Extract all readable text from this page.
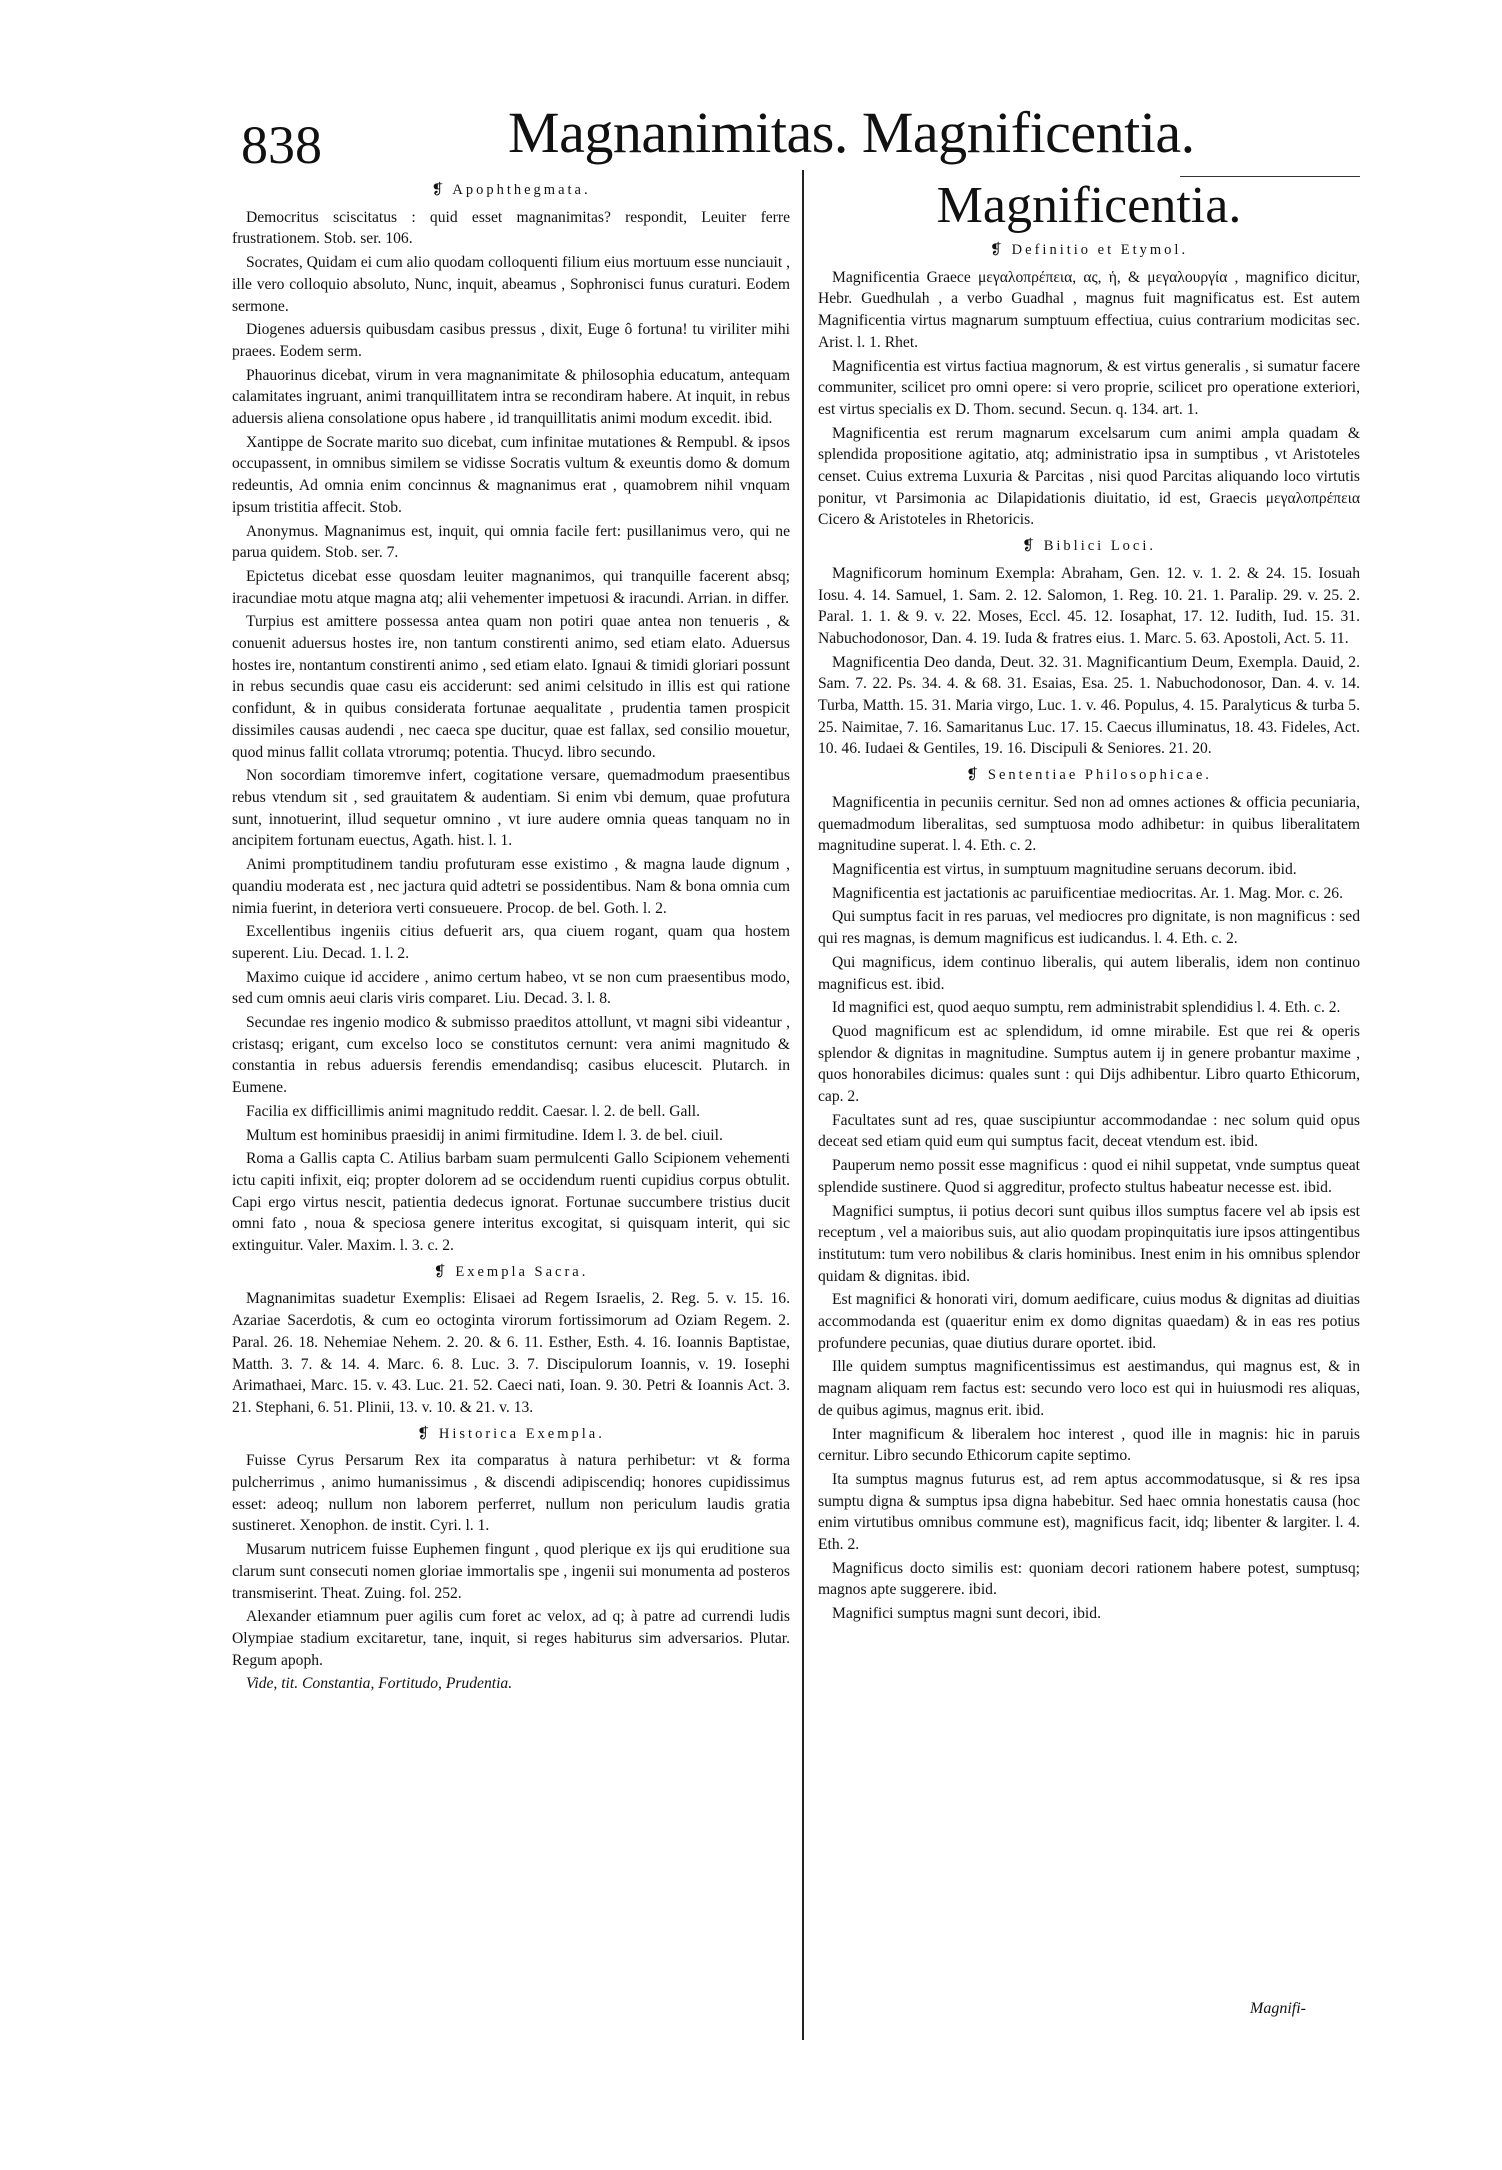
838	Magnanimitas. Magnificentia.
❡ Apophthegmata.

Democritus sciscitatus : quid esset magnanimitas? respondit, Leuiter ferre frustrationem. Stob. ser. 106.

Socrates, Quidam ei cum alio quodam colloquenti filium eius mortuum esse nunciauit , ille vero colloquio absoluto, Nunc, inquit, abeamus , Sophronisci funus curaturi. Eodem sermone.

Diogenes aduersis quibusdam casibus pressus , dixit, Euge ô fortuna! tu viriliter mihi praees. Eodem serm.

Phauorinus dicebat, virum in vera magnanimitate & philosophia educatum, antequam calamitates ingruant, animi tranquillitatem intra se recondiram habere. At inquit, in rebus aduersis aliena consolatione opus habere , id tranquillitatis animi modum excedit. ibid.

Xantippe de Socrate marito suo dicebat, cum infinitae mutationes & Rempubl. & ipsos occupassent, in omnibus similem se vidisse Socratis vultum & exeuntis domo & domum redeuntis, Ad omnia enim concinnus & magnanimus erat , quamobrem nihil vnquam ipsum tristitia affecit. Stob.

Anonymus. Magnanimus est, inquit, qui omnia facile fert: pusillanimus vero, qui ne parua quidem. Stob. ser. 7.

Epictetus dicebat esse quosdam leuiter magnanimos, qui tranquille facerent absq; iracundiae motu atque magna atq; alii vehementer impetuosi & iracundi. Arrian. in differ.

Turpius est amittere possessa antea quam non potiri quae antea non tenueris , & conuenit aduersus hostes ire, non tantum constirenti animo, sed etiam elato. Aduersus hostes ire, nontantum constirenti animo , sed etiam elato. Ignaui & timidi gloriari possunt in rebus secundis quae casu eis acciderunt: sed animi celsitudo in illis est qui ratione confidunt, & in quibus considerata fortunae aequalitate , prudentia tamen prospicit dissimiles causas audendi , nec caeca spe ducitur, quae est fallax, sed consilio mouetur, quod minus fallit collata vtrorumq; potentia. Thucyd. libro secundo.

Non socordiam timoremve infert, cogitatione versare, quemadmodum praesentibus rebus vtendum sit , sed grauitatem & audentiam. Si enim vbi demum, quae profutura sunt, innotuerint, illud sequetur omnino , vt iure audere omnia queas tanquam no in ancipitem fortunam euectus, Agath. hist. l. 1.

Animi promptitudinem tandiu profuturam esse existimo , & magna laude dignum , quandiu moderata est , nec jactura quid adtetri se possidentibus. Nam & bona omnia cum nimia fuerint, in deteriora verti consueuere. Procop. de bel. Goth. l. 2.

Excellentibus ingeniis citius defuerit ars, qua ciuem rogant, quam qua hostem superent. Liu. Decad. 1. l. 2.

Maximo cuique id accidere , animo certum habeo, vt se non cum praesentibus modo, sed cum omnis aeui claris viris comparet. Liu. Decad. 3. l. 8.

Secundae res ingenio modico & submisso praeditos attollunt, vt magni sibi videantur , cristasq; erigant, cum excelso loco se constitutos cernunt: vera animi magnitudo & constantia in rebus aduersis ferendis emendandisq; casibus elucescit. Plutarch. in Eumene.

Facilia ex difficillimis animi magnitudo reddit. Caesar. l. 2. de bell. Gall.

Multum est hominibus praesidij in animi firmitudine. Idem l. 3. de bel. ciuil.

Roma a Gallis capta C. Atilius barbam suam permulcenti Gallo Scipionem vehementi ictu capiti infixit, eiq; propter dolorem ad se occidendum ruenti cupidius corpus obtulit. Capi ergo virtus nescit, patientia dedecus ignorat. Fortunae succumbere tristius ducit omni fato , noua & speciosa genere interitus excogitat, si quisquam interit, qui sic extinguitur. Valer. Maxim. l. 3. c. 2.

❡ Exempla Sacra.

Magnanimitas suadetur Exemplis: Elisaei ad Regem Israelis, 2. Reg. 5. v. 15. 16. Azariae Sacerdotis, & cum eo octoginta virorum fortissimorum ad Oziam Regem. 2. Paral. 26. 18. Nehemiae Nehem. 2. 20. & 6. 11. Esther, Esth. 4. 16. Ioannis Baptistae, Matth. 3. 7. & 14. 4. Marc. 6. 8. Luc. 3. 7. Discipulorum Ioannis, v. 19. Iosephi Arimathaei, Marc. 15. v. 43. Luc. 21. 52. Caeci nati, Ioan. 9. 30. Petri & Ioannis Act. 3. 21. Stephani, 6. 51. Plinii, 13. v. 10. & 21. v. 13.

❡ Historica Exempla.

Fuisse Cyrus Persarum Rex ita comparatus à natura perhibetur: vt & forma pulcherrimus , animo humanissimus , & discendi adipiscendiq; honores cupidissimus esset: adeoq; nullum non laborem perferret, nullum non periculum laudis gratia sustineret. Xenophon. de instit. Cyri. l. 1.

Musarum nutricem fuisse Euphemen fingunt , quod plerique ex ijs qui eruditione sua clarum sunt consecuti nomen gloriae immortalis spe , ingenii sui monumenta ad posteros transmiserint. Theat. Zuing. fol. 252.

Alexander etiamnum puer agilis cum foret ac velox, ad q; à patre ad currendi ludis Olympiae stadium excitaretur, tane, inquit, si reges habiturus sim adversarios. Plutar. Regum apoph.

Vide, tit. Constantia, Fortitudo, Prudentia.

Magnificentia.
❡ Definitio et Etymol.

Magnificentia Graece μεγαλοπρέπεια, ας, ἡ, & μεγαλουργία , magnifico dicitur, Hebr. Guedhulah , a verbo Guadhal , magnus fuit magnificatus est. Est autem Magnificentia virtus magnarum sumptuum effectiua, cuius contrarium modicitas sec. Arist. l. 1. Rhet.

Magnificentia est virtus factiua magnorum, & est virtus generalis , si sumatur facere communiter, scilicet pro omni opere: si vero proprie, scilicet pro operatione exteriori, est virtus specialis ex D. Thom. secund. Secun. q. 134. art. 1.

Magnificentia est rerum magnarum excelsarum cum animi ampla quadam & splendida propositione agitatio, atq; administratio ipsa in sumptibus , vt Aristoteles censet. Cuius extrema Luxuria & Parcitas , nisi quod Parcitas aliquando loco virtutis ponitur, vt Parsimonia ac Dilapidationis diuitatio, id est, Graecis μεγαλοπρέπεια Cicero & Aristoteles in Rhetoricis.

❡ Biblici Loci.

Magnificorum hominum Exempla: Abraham, Gen. 12. v. 1. 2. & 24. 15. Iosuah Iosu. 4. 14. Samuel, 1. Sam. 2. 12. Salomon, 1. Reg. 10. 21. 1. Paralip. 29. v. 25. 2. Paral. 1. 1. & 9. v. 22. Moses, Eccl. 45. 12. Iosaphat, 17. 12. Iudith, Iud. 15. 31. Nabuchodonosor, Dan. 4. 19. Iuda & fratres eius. 1. Marc. 5. 63. Apostoli, Act. 5. 11.

Magnificentia Deo danda, Deut. 32. 31. Magnificantium Deum, Exempla. Dauid, 2. Sam. 7. 22. Ps. 34. 4. & 68. 31. Esaias, Esa. 25. 1. Nabuchodonosor, Dan. 4. v. 14. Turba, Matth. 15. 31. Maria virgo, Luc. 1. v. 46. Populus, 4. 15. Paralyticus & turba 5. 25. Naimitae, 7. 16. Samaritanus Luc. 17. 15. Caecus illuminatus, 18. 43. Fideles, Act. 10. 46. Iudaei & Gentiles, 19. 16. Discipuli & Seniores. 21. 20.

❡ Sententiae Philosophicae.

Magnificentia in pecuniis cernitur. Sed non ad omnes actiones & officia pecuniaria, quemadmodum liberalitas, sed sumptuosa modo adhibetur: in quibus liberalitatem magnitudine superat. l. 4. Eth. c. 2.

Magnificentia est virtus, in sumptuum magnitudine seruans decorum. ibid.

Magnificentia est jactationis ac paruificentiae mediocritas. Ar. 1. Mag. Mor. c. 26.

Qui sumptus facit in res paruas, vel mediocres pro dignitate, is non magnificus : sed qui res magnas, is demum magnificus est iudicandus. l. 4. Eth. c. 2.

Qui magnificus, idem continuo liberalis, qui autem liberalis, idem non continuo magnificus est. ibid.

Id magnifici est, quod aequo sumptu, rem administrabit splendidius l. 4. Eth. c. 2.

Quod magnificum est ac splendidum, id omne mirabile. Est que rei & operis splendor & dignitas in magnitudine. Sumptus autem ij in genere probantur maxime , quos honorabiles dicimus: quales sunt : qui Dijs adhibentur. Libro quarto Ethicorum, cap. 2.

Facultates sunt ad res, quae suscipiuntur accommodandae : nec solum quid opus deceat sed etiam quid eum qui sumptus facit, deceat vtendum est. ibid.

Pauperum nemo possit esse magnificus : quod ei nihil suppetat, vnde sumptus queat splendide sustinere. Quod si aggreditur, profecto stultus habeatur necesse est. ibid.

Magnifici sumptus, ii potius decori sunt quibus illos sumptus facere vel ab ipsis est receptum , vel a maioribus suis, aut alio quodam propinquitatis iure ipsos attingentibus institutum: tum vero nobilibus & claris hominibus. Inest enim in his omnibus splendor quidam & dignitas. ibid.

Est magnifici & honorati viri, domum aedificare, cuius modus & dignitas ad diuitias accommodanda est (quaeritur enim ex domo dignitas quaedam) & in eas res potius profundere pecunias, quae diutius durare oportet. ibid.

Ille quidem sumptus magnificentissimus est aestimandus, qui magnus est, & in magnam aliquam rem factus est: secundo vero loco est qui in huiusmodi res aliquas, de quibus agimus, magnus erit. ibid.

Inter magnificum & liberalem hoc interest , quod ille in magnis: hic in paruis cernitur. Libro secundo Ethicorum capite septimo.

Ita sumptus magnus futurus est, ad rem aptus accommodatusque, si & res ipsa sumptu digna & sumptus ipsa digna habebitur. Sed haec omnia honestatis causa (hoc enim virtutibus omnibus commune est), magnificus facit, idq; libenter & largiter. l. 4. Eth. 2.

Magnificus docto similis est: quoniam decori rationem habere potest, sumptusq; magnos apte suggerere. ibid.

Magnifici sumptus magni sunt decori, ibid.

Magnifi-
